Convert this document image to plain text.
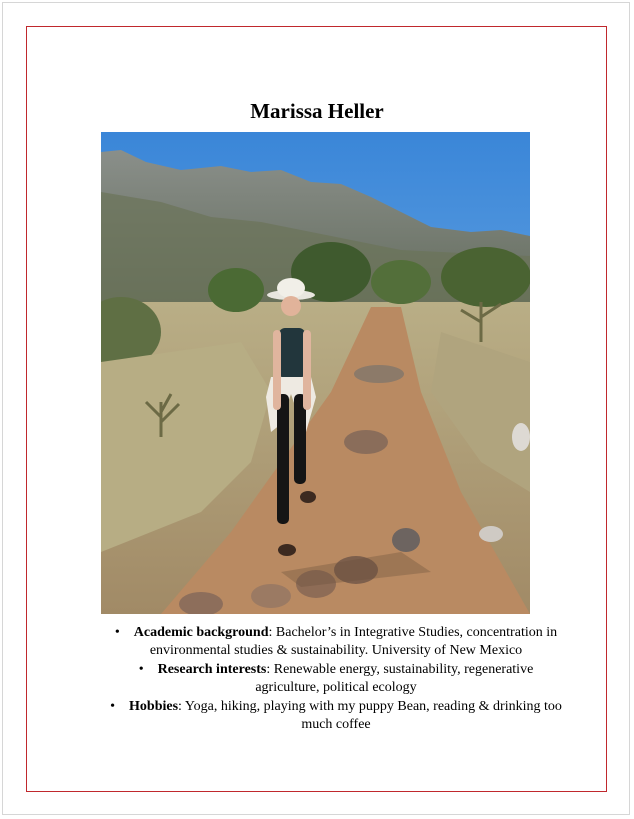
Marissa Heller
• Academic background: Bachelor’s in Integrative Studies, concentration in environmental studies & sustainability. University of New Mexico
• Research interests: Renewable energy, sustainability, regenerative agriculture, political ecology
• Hobbies: Yoga, hiking, playing with my puppy Bean, reading & drinking too much coffee
